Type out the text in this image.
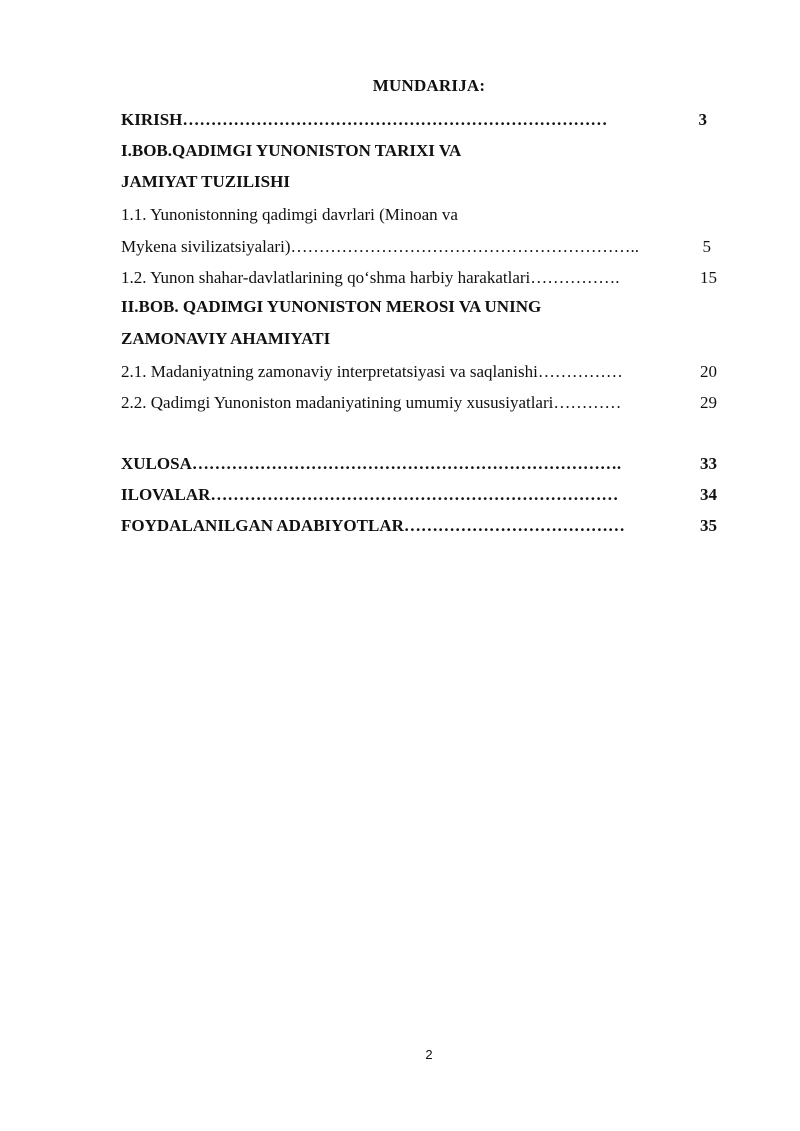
MUNDARIJA:
KIRISH…………………………………………………………………	3
I.BOB.QADIMGI YUNONISTON TARIXI VA
JAMIYAT TUZILISHI
1.1. Yunonistonning qadimgi davrlari (Minoan va
Mykena sivilizatsiyalari)……………………………………………………..	5
1.2. Yunon shahar-davlatlarining qoʻshma harbiy harakatlari…………….	15
II.BOB. QADIMGI YUNONISTON MEROSI VA UNING
ZAMONAVIY AHAMIYATI
2.1. Madaniyatning zamonaviy interpretatsiyasi va saqlanishi……………	20
2.2. Qadimgi Yunoniston madaniyatining umumiy xususiyatlari…………	29
XULOSA………………………………………………………………….	33
ILOVALAR………………………………………………………………	34
FOYDALANILGAN ADABIYOTLAR…………………………………	35
2
